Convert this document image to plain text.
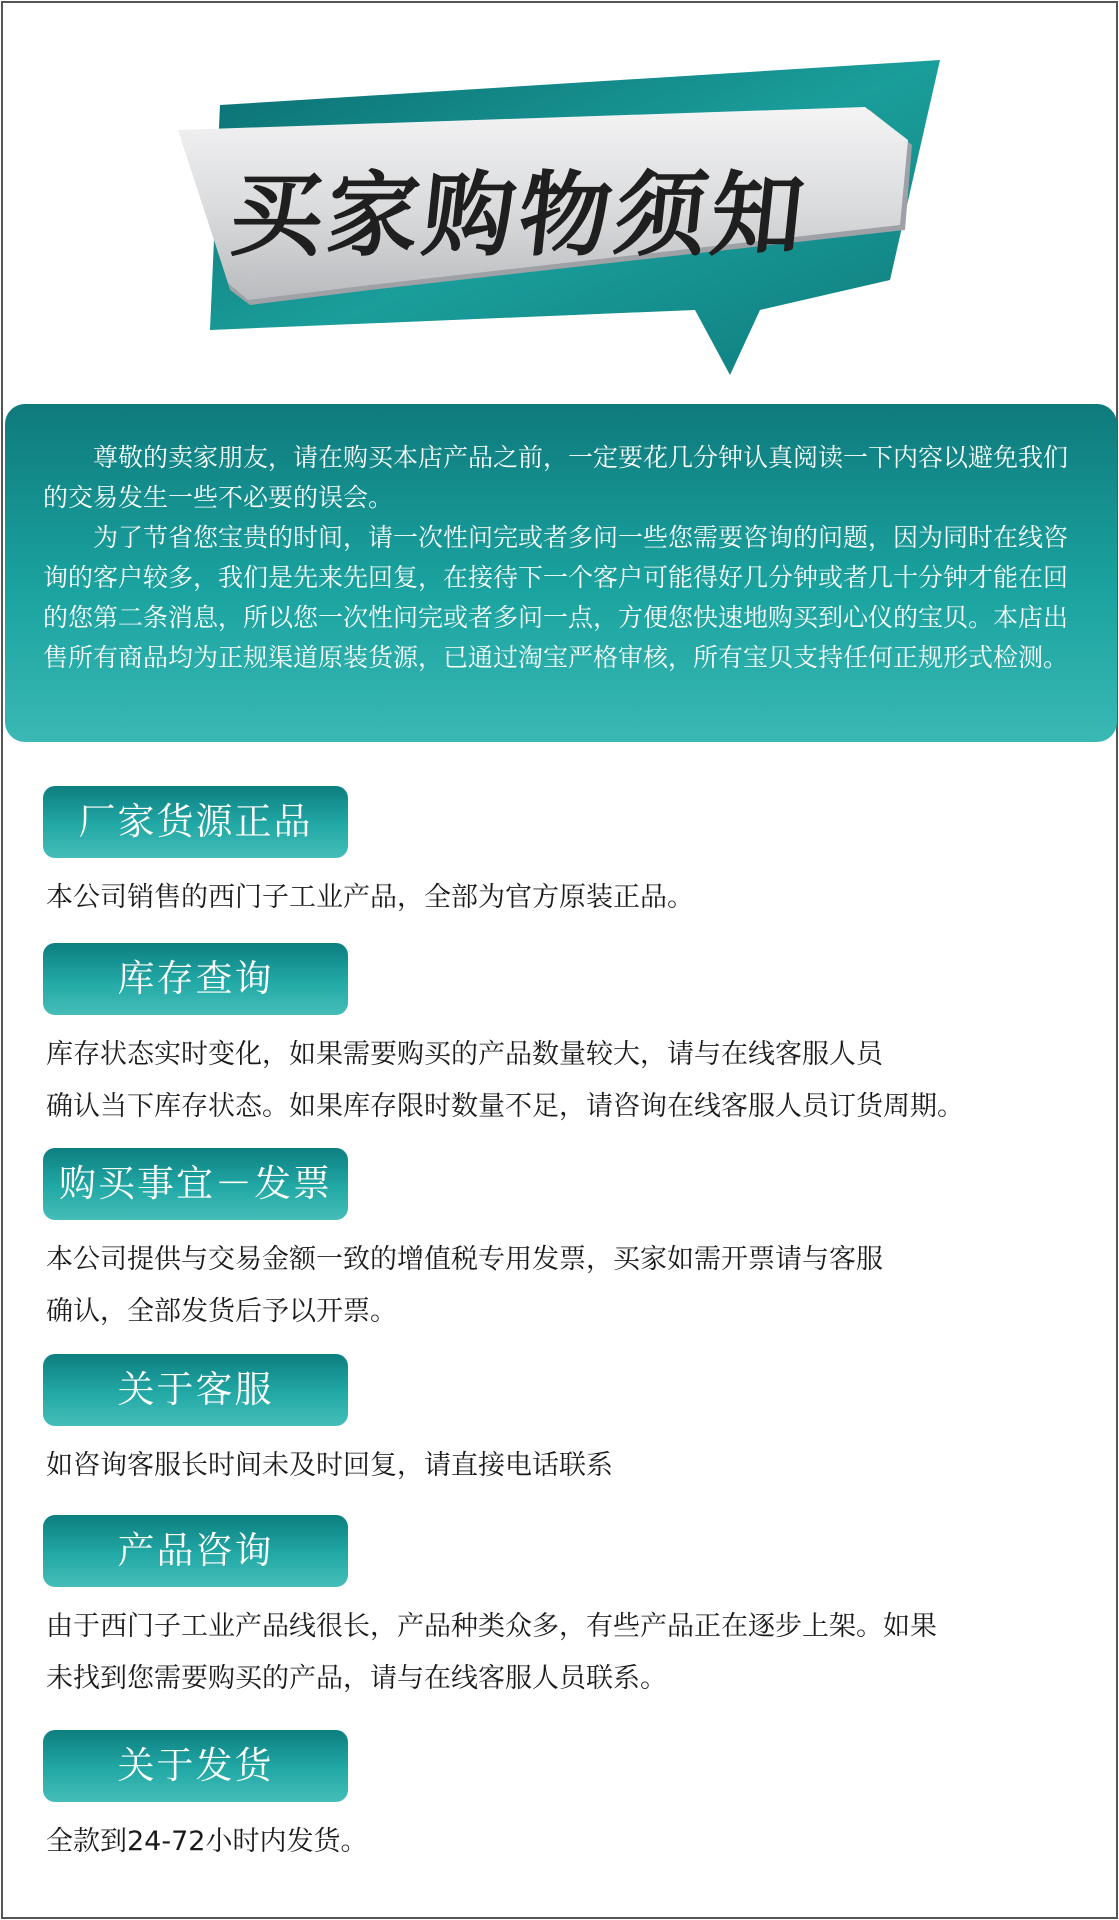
买家购物须知

尊敬的卖家朋友，请在购买本店产品之前，一定要花几分钟认真阅读一下内容以避免我们的交易发生一些不必要的误会。

为了节省您宝贵的时间，请一次性问完或者多问一些您需要咨询的问题，因为同时在线咨询的客户较多，我们是先来先回复，在接待下一个客户可能得好几分钟或者几十分钟才能在回的您第二条消息，所以您一次性问完或者多问一点，方便您快速地购买到心仪的宝贝。本店出售所有商品均为正规渠道原装货源，已通过淘宝严格审核，所有宝贝支持任何正规形式检测。

厂家货源正品
本公司销售的西门子工业产品，全部为官方原装正品。
库存查询
库存状态实时变化，如果需要购买的产品数量较大，请与在线客服人员
确认当下库存状态。如果库存限时数量不足，请咨询在线客服人员订货周期。
购买事宜－发票
本公司提供与交易金额一致的增值税专用发票，买家如需开票请与客服
确认，全部发货后予以开票。
关于客服
如咨询客服长时间未及时回复，请直接电话联系
产品咨询
由于西门子工业产品线很长，产品种类众多，有些产品正在逐步上架。如果
未找到您需要购买的产品，请与在线客服人员联系。
关于发货
全款到24-72小时内发货。
